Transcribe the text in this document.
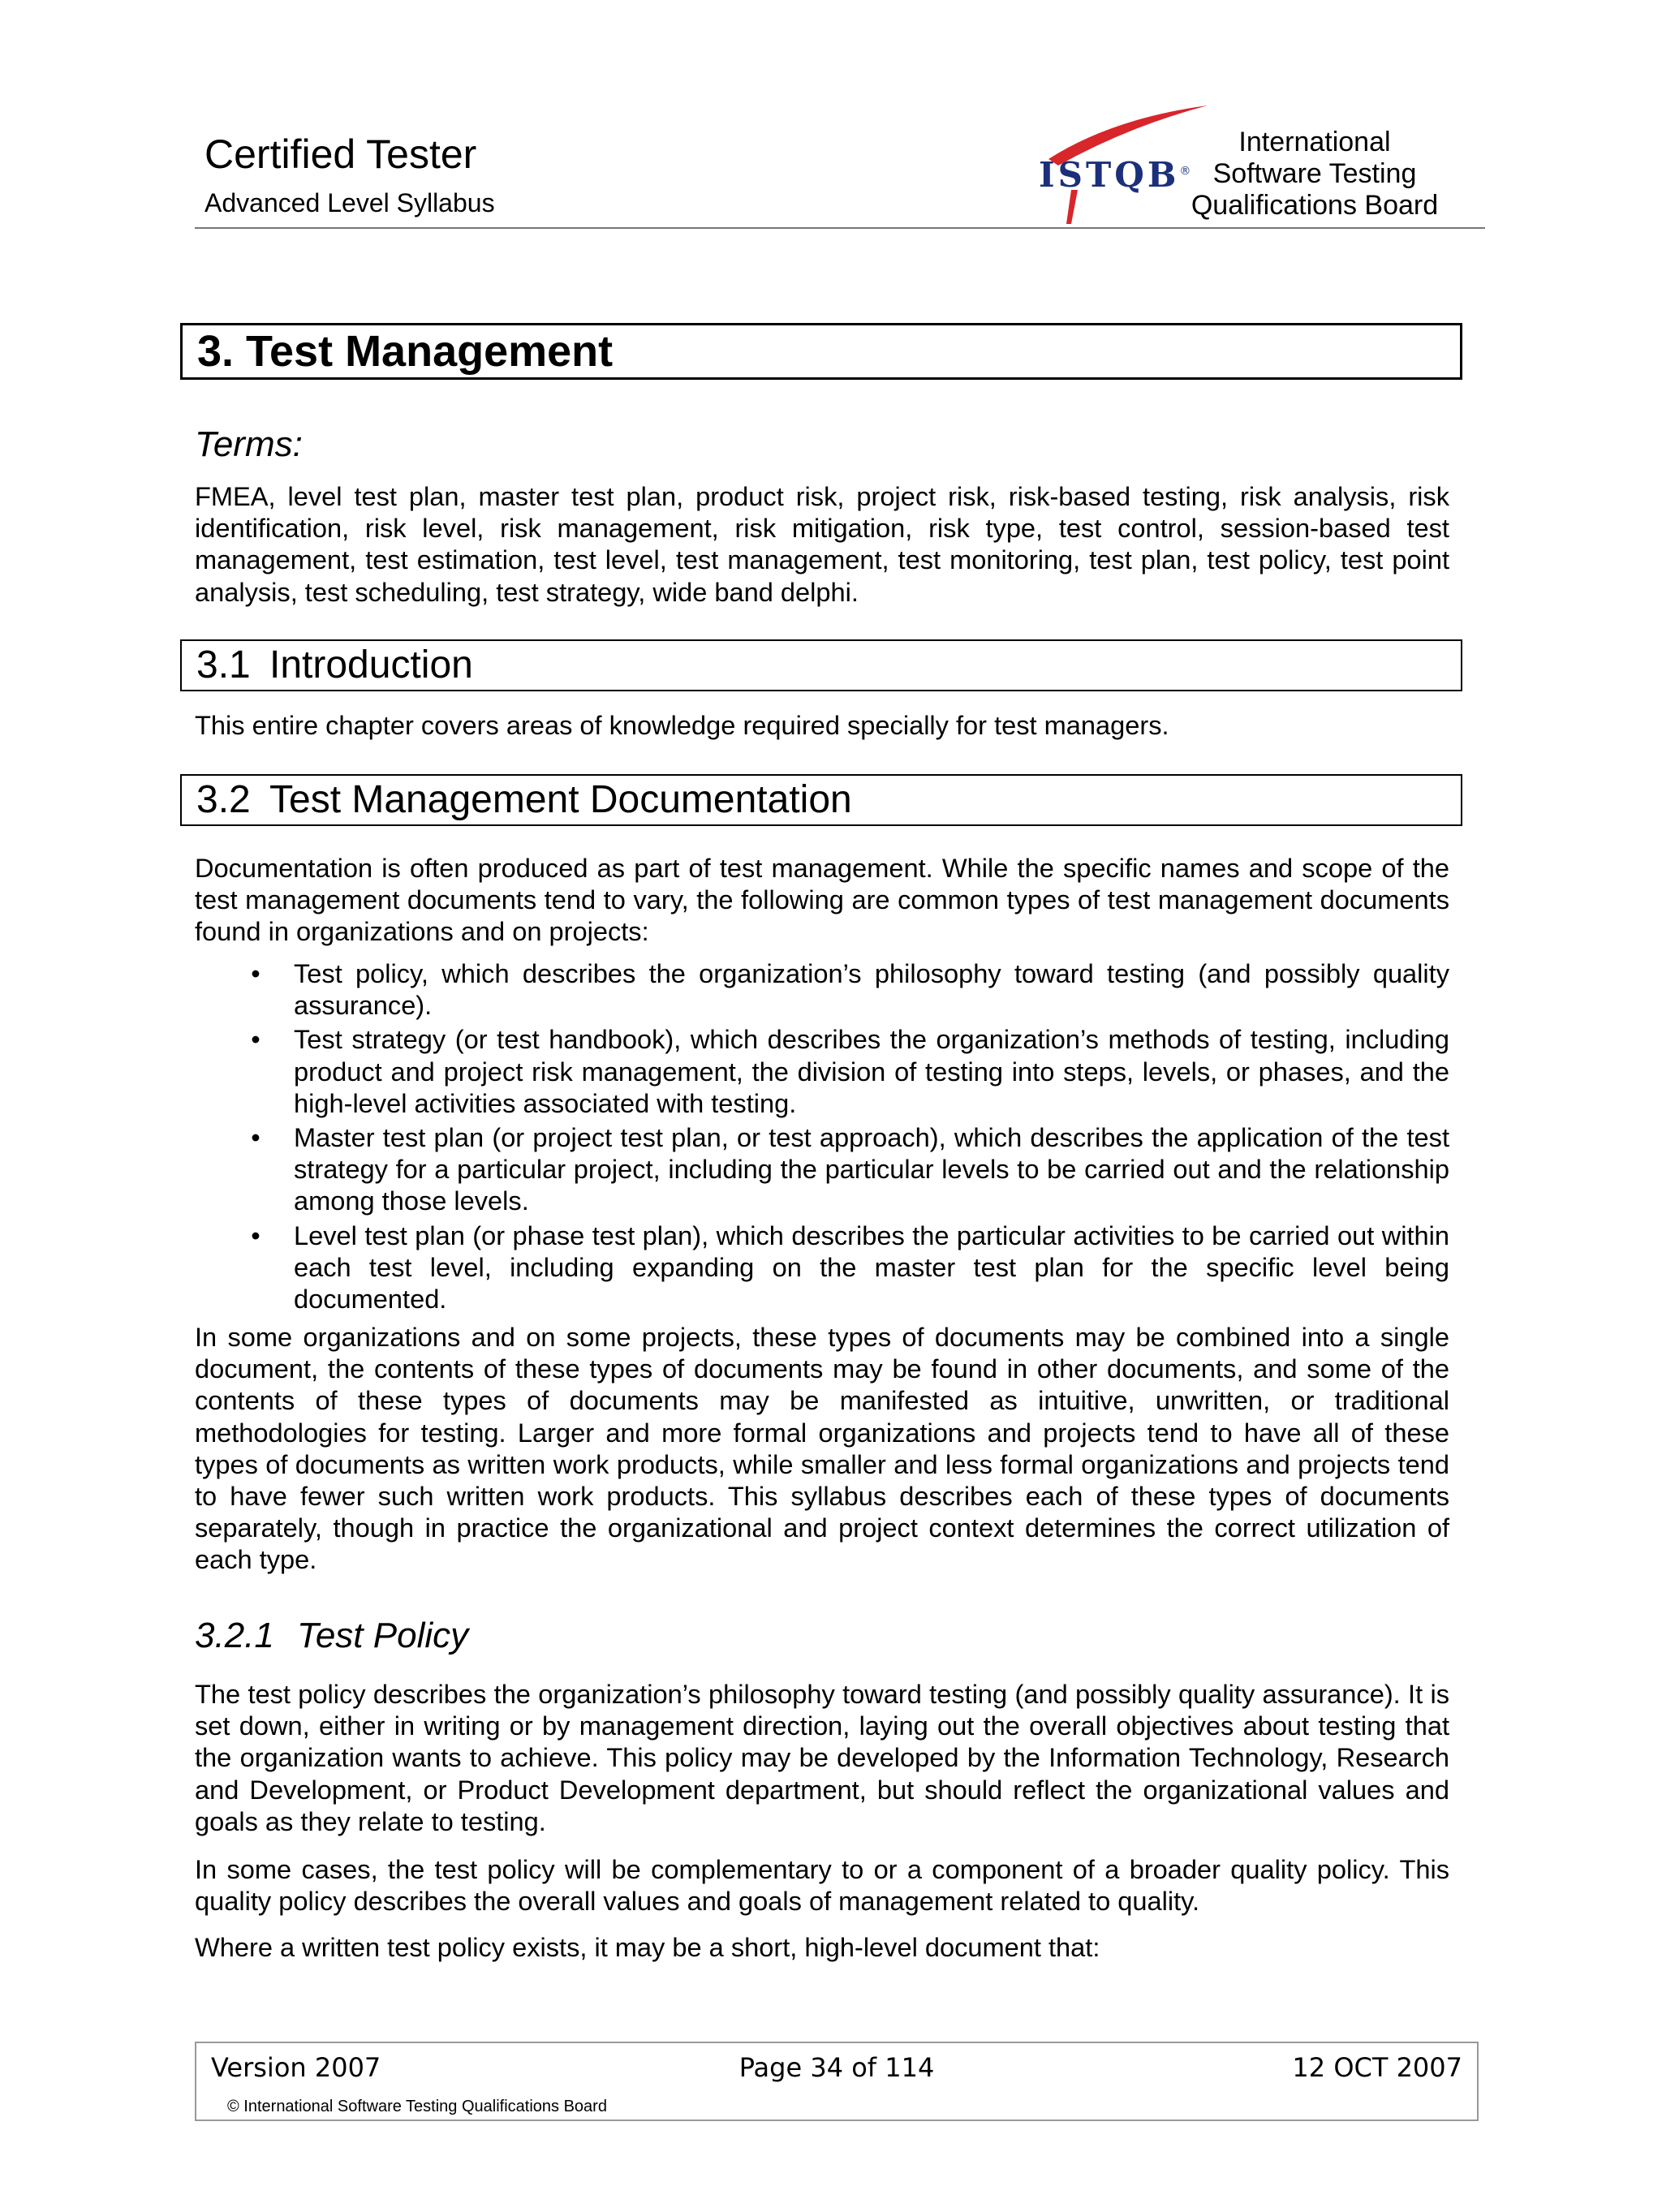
Certified Tester
Advanced Level Syllabus
ISTQB®
International
Software Testing
Qualifications Board
3. Test Management
Terms:
FMEA, level test plan, master test plan, product risk, project risk, risk-based testing, risk analysis, risk identification, risk level, risk management, risk mitigation, risk type, test control, session-based test management, test estimation, test level, test management, test monitoring, test plan, test policy, test point analysis, test scheduling, test strategy, wide band delphi.
3.1 Introduction
This entire chapter covers areas of knowledge required specially for test managers.
3.2 Test Management Documentation
Documentation is often produced as part of test management. While the specific names and scope of the test management documents tend to vary, the following are common types of test management documents found in organizations and on projects:
• Test policy, which describes the organization’s philosophy toward testing (and possibly quality assurance).
• Test strategy (or test handbook), which describes the organization’s methods of testing, including product and project risk management, the division of testing into steps, levels, or phases, and the high-level activities associated with testing.
• Master test plan (or project test plan, or test approach), which describes the application of the test strategy for a particular project, including the particular levels to be carried out and the relationship among those levels.
• Level test plan (or phase test plan), which describes the particular activities to be carried out within each test level, including expanding on the master test plan for the specific level being documented.
In some organizations and on some projects, these types of documents may be combined into a single document, the contents of these types of documents may be found in other documents, and some of the contents of these types of documents may be manifested as intuitive, unwritten, or traditional methodologies for testing. Larger and more formal organizations and projects tend to have all of these types of documents as written work products, while smaller and less formal organizations and projects tend to have fewer such written work products. This syllabus describes each of these types of documents separately, though in practice the organizational and project context determines the correct utilization of each type.
3.2.1 Test Policy
The test policy describes the organization’s philosophy toward testing (and possibly quality assurance). It is set down, either in writing or by management direction, laying out the overall objectives about testing that the organization wants to achieve. This policy may be developed by the Information Technology, Research and Development, or Product Development department, but should reflect the organizational values and goals as they relate to testing.
In some cases, the test policy will be complementary to or a component of a broader quality policy. This quality policy describes the overall values and goals of management related to quality.
Where a written test policy exists, it may be a short, high-level document that:
Version 2007	Page 34 of 114	12 OCT 2007
© International Software Testing Qualifications Board
